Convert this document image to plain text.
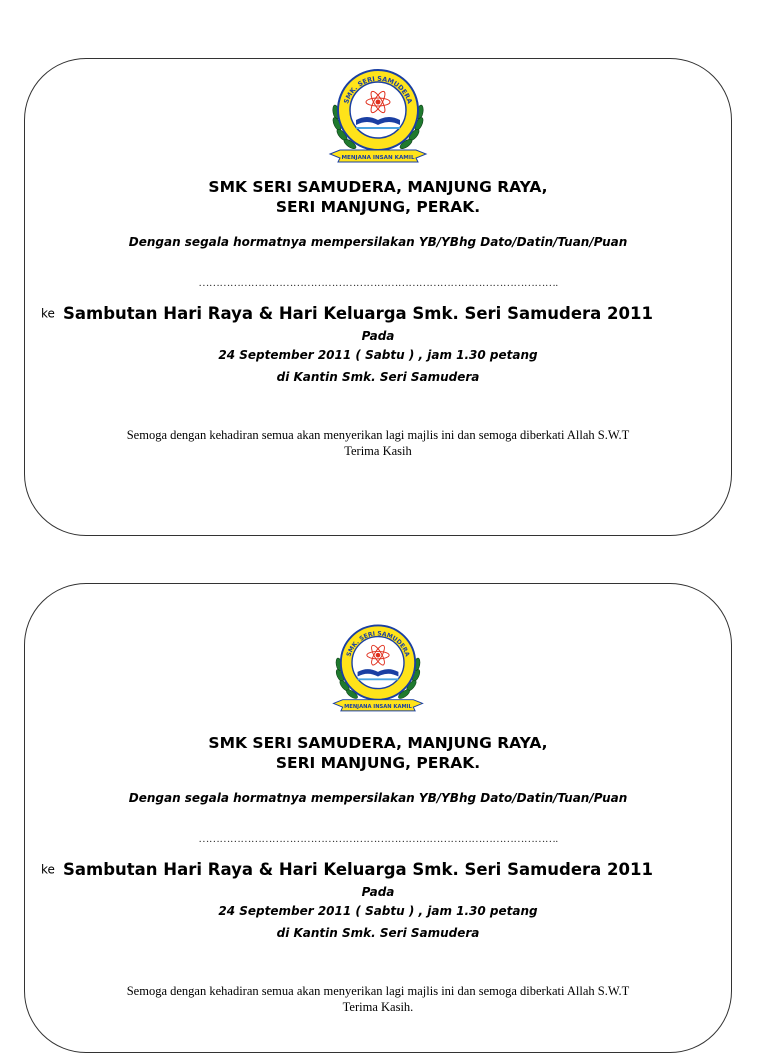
SMK. SERI SAMUDERA
MENJANA INSAN KAMIL
SMK SERI SAMUDERA, MANJUNG RAYA,
SERI MANJUNG, PERAK.
Dengan segala hormatnya mempersilakan YB/YBhg Dato/Datin/Tuan/Puan
………………………………………………………………………………………….
ke Sambutan Hari Raya & Hari Keluarga Smk. Seri Samudera 2011
Pada
24 September 2011 ( Sabtu ) , jam 1.30 petang
di Kantin Smk. Seri Samudera
Semoga dengan kehadiran semua akan menyerikan lagi majlis ini dan semoga diberkati Allah S.W.T
Terima Kasih
SMK. SERI SAMUDERA
MENJANA INSAN KAMIL
SMK SERI SAMUDERA, MANJUNG RAYA,
SERI MANJUNG, PERAK.
Dengan segala hormatnya mempersilakan YB/YBhg Dato/Datin/Tuan/Puan
………………………………………………………………………………………….
ke Sambutan Hari Raya & Hari Keluarga Smk. Seri Samudera 2011
Pada
24 September 2011 ( Sabtu ) , jam 1.30 petang
di Kantin Smk. Seri Samudera
Semoga dengan kehadiran semua akan menyerikan lagi majlis ini dan semoga diberkati Allah S.W.T
Terima Kasih.
